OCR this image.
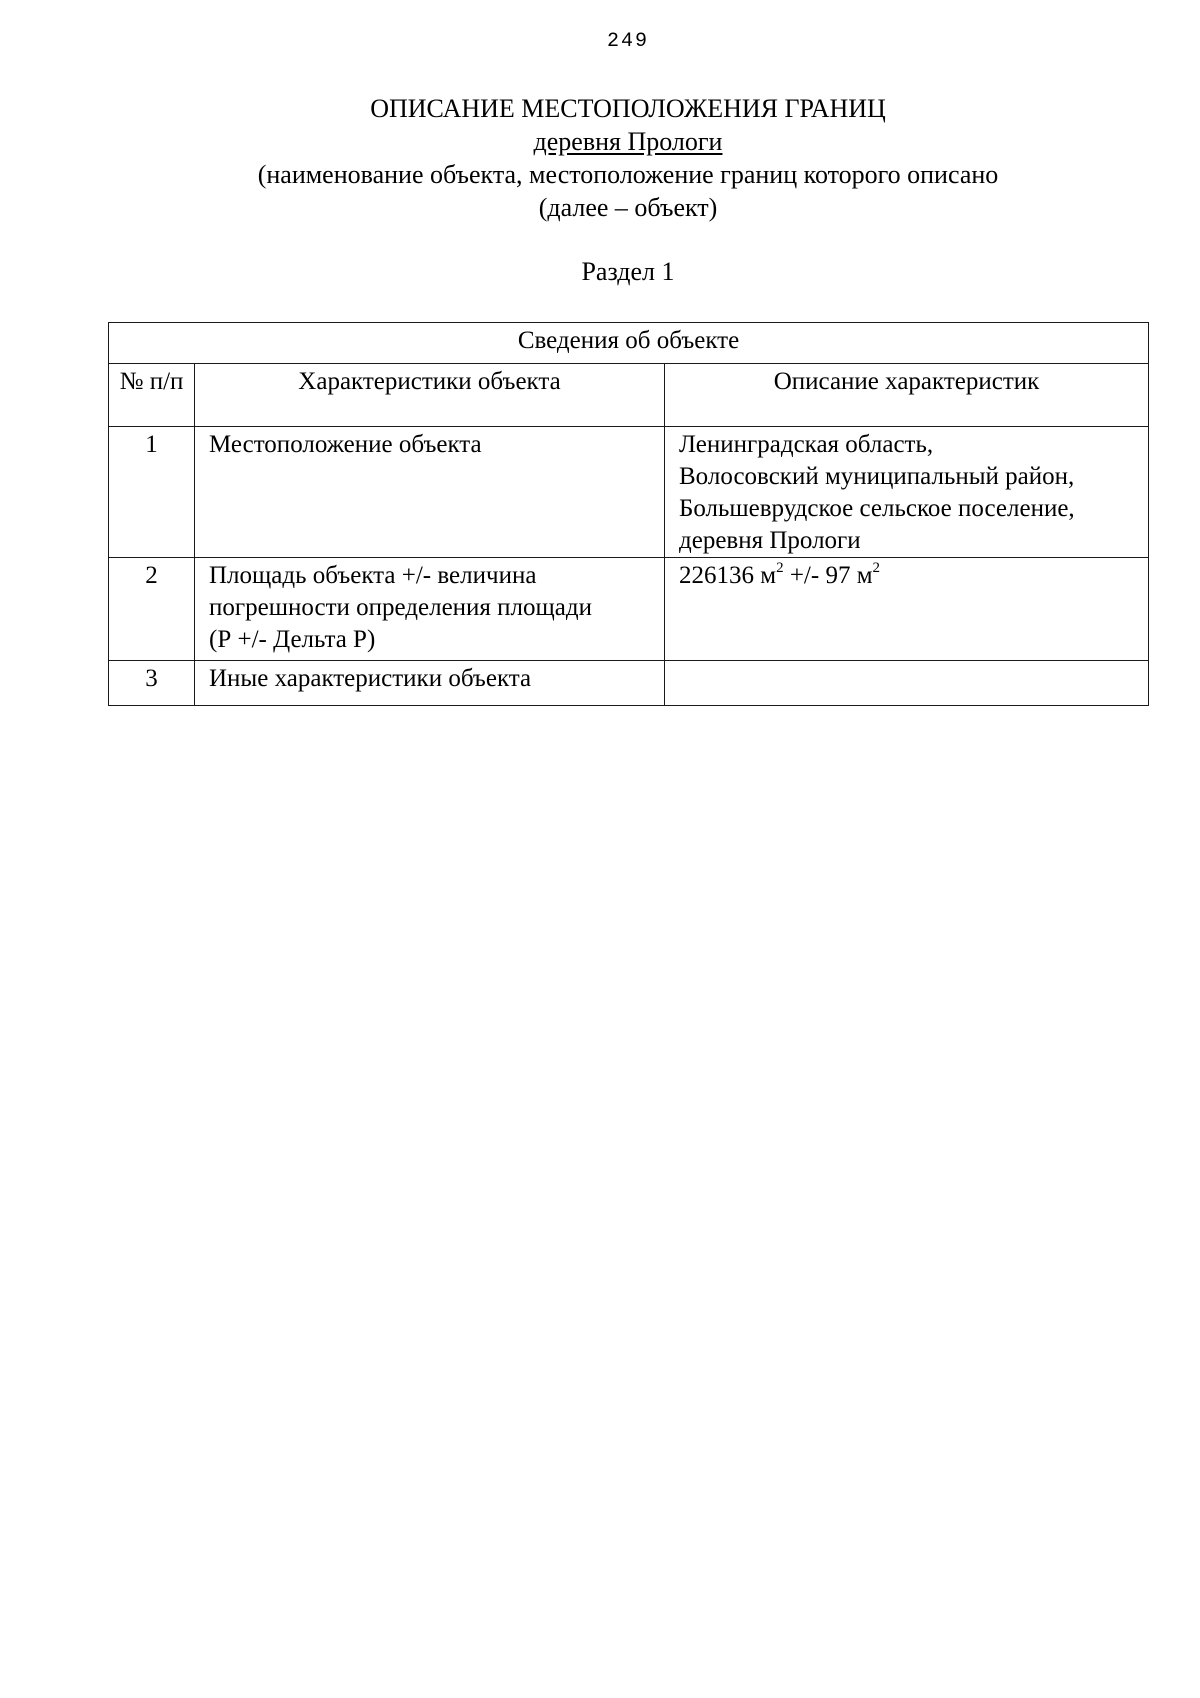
249
ОПИСАНИЕ МЕСТОПОЛОЖЕНИЯ ГРАНИЦ
деревня Прологи
(наименование объекта, местоположение границ которого описано
(далее – объект)
Раздел 1
Сведения об объекте		
№ п/п	Характеристики объекта	Описание характеристик
1	Местоположение объекта	Ленинградская область,
Волосовский муниципальный район,
Большеврудское сельское поселение,
деревня Прологи

2	Площадь объекта +/- величина
погрешности определения площади
(Р +/- Дельта Р)	226136 $м^2$ +/- 97 $м^2$

3	Иные характеристики объекта	
